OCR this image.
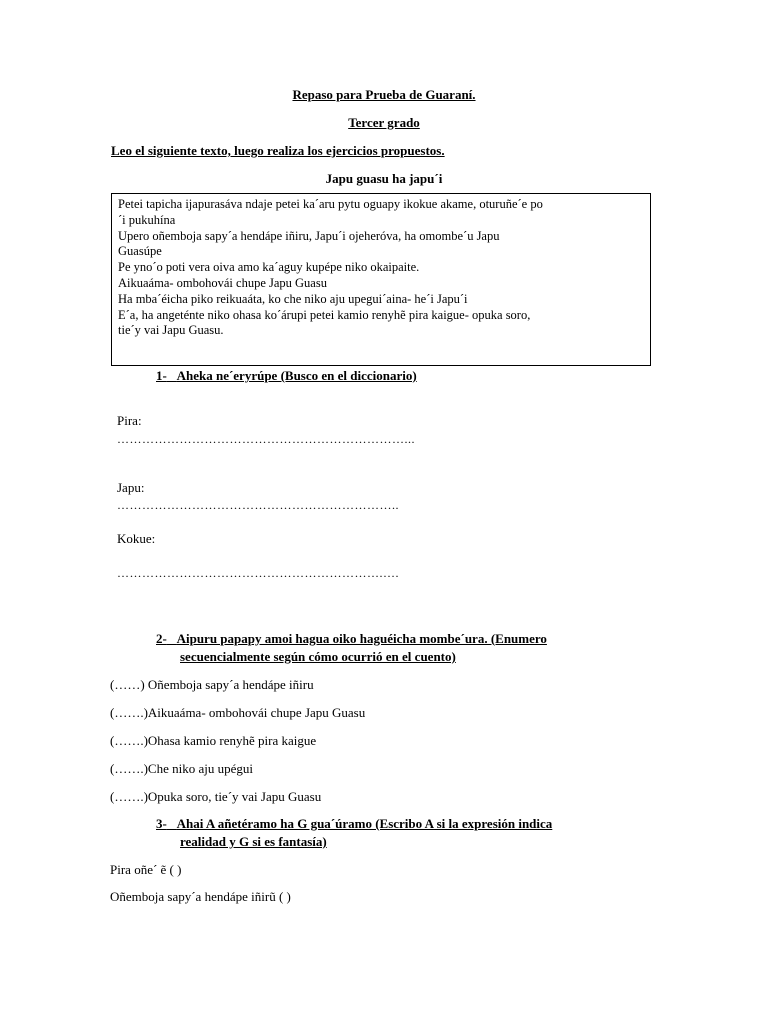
Repaso para Prueba de Guaraní.
Tercer grado
Leo el siguiente texto, luego realiza los ejercicios propuestos.
Japu guasu ha japu´i
Petei tapicha ijapurasáva ndaje petei ka´aru pytu oguapy ikokue akame, oturuñe´e po
´i pukuhína
Upero oñemboja sapy´a hendápe iñiru, Japu´i ojeheróva, ha omombe´u Japu
Guasúpe
Pe yno´o poti vera oiva amo ka´aguy kupépe niko okaipaite.
Aikuaáma- ombohovái chupe Japu Guasu
Ha mba´éicha piko reikuaáta, ko che niko aju upegui´aina- he´i Japu´i
E´a, ha angeténte niko ohasa ko´árupi petei kamio renyhẽ pira kaigue- opuka soro,
tie´y vai Japu Guasu.
1- Aheka ne´eryrúpe (Busco en el diccionario)
Pira:
……………………………………………………………...
Japu:
…………………………………………………………..
Kokue:
……………………………………………………….….
2- Aipuru papapy amoi hagua oiko haguéicha mombe´ura. (Enumero
secuencialmente según cómo ocurrió en el cuento)
(……) Oñemboja sapy´a hendápe iñiru
(…….)Aikuaáma- ombohovái chupe Japu Guasu
(…….)Ohasa kamio renyhẽ pira kaigue
(…….)Che niko aju upégui
(…….)Opuka soro, tie´y vai Japu Guasu
3- Ahai A añetéramo ha G gua´úramo (Escribo A si la expresión indica
realidad y G si es fantasía)
Pira oñe´ ẽ ( )
Oñemboja sapy´a hendápe iñirũ ( )
